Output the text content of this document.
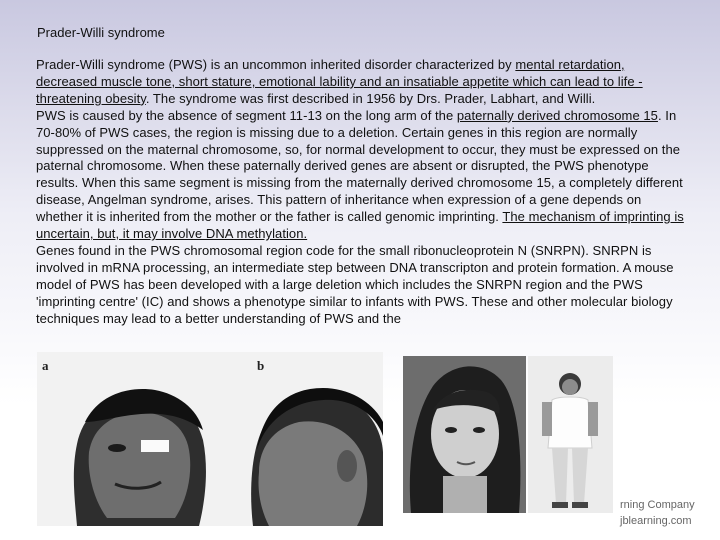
Prader-Willi syndrome

Prader-Willi syndrome (PWS) is an uncommon inherited disorder characterized by mental retardation, decreased muscle tone, short stature, emotional lability and an insatiable appetite which can lead to life -threatening obesity. The syndrome was first described in 1956 by Drs. Prader, Labhart, and Willi.

PWS is caused by the absence of segment 11-13 on the long arm of the paternally derived chromosome 15. In 70-80% of PWS cases, the region is missing due to a deletion. Certain genes in this region are normally suppressed on the maternal chromosome, so, for normal development to occur, they must be expressed on the paternal chromosome. When these paternally derived genes are absent or disrupted, the PWS phenotype results. When this same segment is missing from the maternally derived chromosome 15, a completely different disease, Angelman syndrome, arises. This pattern of inheritance when expression of a gene depends on whether it is inherited from the mother or the father is called genomic imprinting. The mechanism of imprinting is uncertain, but, it may involve DNA methylation.

Genes found in the PWS chromosomal region code for the small ribonucleoprotein N (SNRPN). SNRPN is involved in mRNA processing, an intermediate step between DNA transcripton and protein formation. A mouse model of PWS has been developed with a large deletion which includes the SNRPN region and the PWS 'imprinting centre' (IC) and shows a phenotype similar to infants with PWS. These and other molecular biology techniques may lead to a better understanding of PWS and the

a	b
rning Company
jblearning.com
